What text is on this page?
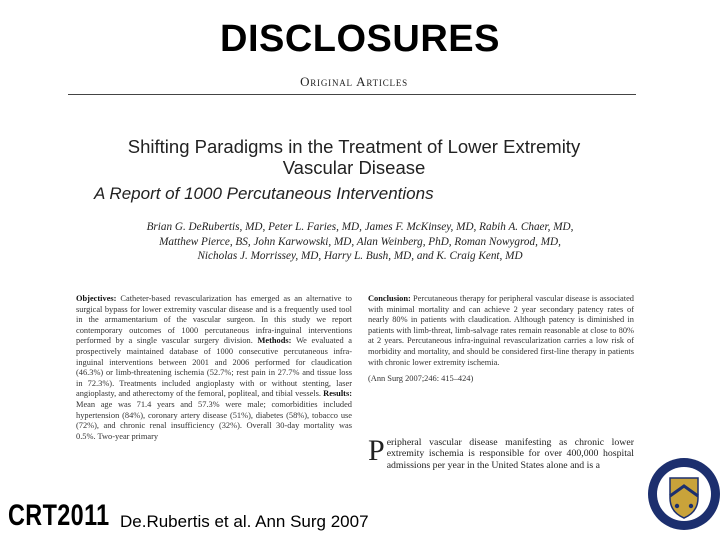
DISCLOSURES
Original Articles
Shifting Paradigms in the Treatment of Lower Extremity
Vascular Disease
A Report of 1000 Percutaneous Interventions
Brian G. DeRubertis, MD, Peter L. Faries, MD, James F. McKinsey, MD, Rabih A. Chaer, MD,
Matthew Pierce, BS, John Karwowski, MD, Alan Weinberg, PhD, Roman Nowygrod, MD,
Nicholas J. Morrissey, MD, Harry L. Bush, MD, and K. Craig Kent, MD
Objectives: Catheter-based revascularization has emerged as an alternative to surgical bypass for lower extremity vascular disease and is a frequently used tool in the armamentarium of the vascular surgeon. In this study we report contemporary outcomes of 1000 percutaneous infra-inguinal interventions performed by a single vascular surgery division. Methods: We evaluated a prospectively maintained database of 1000 consecutive percutaneous infra-inguinal interventions between 2001 and 2006 performed for claudication (46.3%) or limb-threatening ischemia (52.7%; rest pain in 27.7% and tissue loss in 72.3%). Treatments included angioplasty with or without stenting, laser angioplasty, and atherectomy of the femoral, popliteal, and tibial vessels. Results: Mean age was 71.4 years and 57.3% were male; comorbidities included hypertension (84%), coronary artery disease (51%), diabetes (58%), tobacco use (72%), and chronic renal insufficiency (32%). Overall 30-day mortality was 0.5%. Two-year primary
Conclusion: Percutaneous therapy for peripheral vascular disease is associated with minimal mortality and can achieve 2 year secondary patency rates of nearly 80% in patients with claudication. Although patency is diminished in patients with limb-threat, limb-salvage rates remain reasonable at close to 80% at 2 years. Percutaneous infra-inguinal revascularization carries a low risk of morbidity and mortality, and should be considered first-line therapy in patients with chronic lower extremity ischemia.
(Ann Surg 2007;246: 415–424)
Peripheral vascular disease manifesting as chronic lower extremity ischemia is responsible for over 400,000 hospital admissions per year in the United States alone and is a
CRT2011 De.Rubertis et al. Ann Surg 2007
